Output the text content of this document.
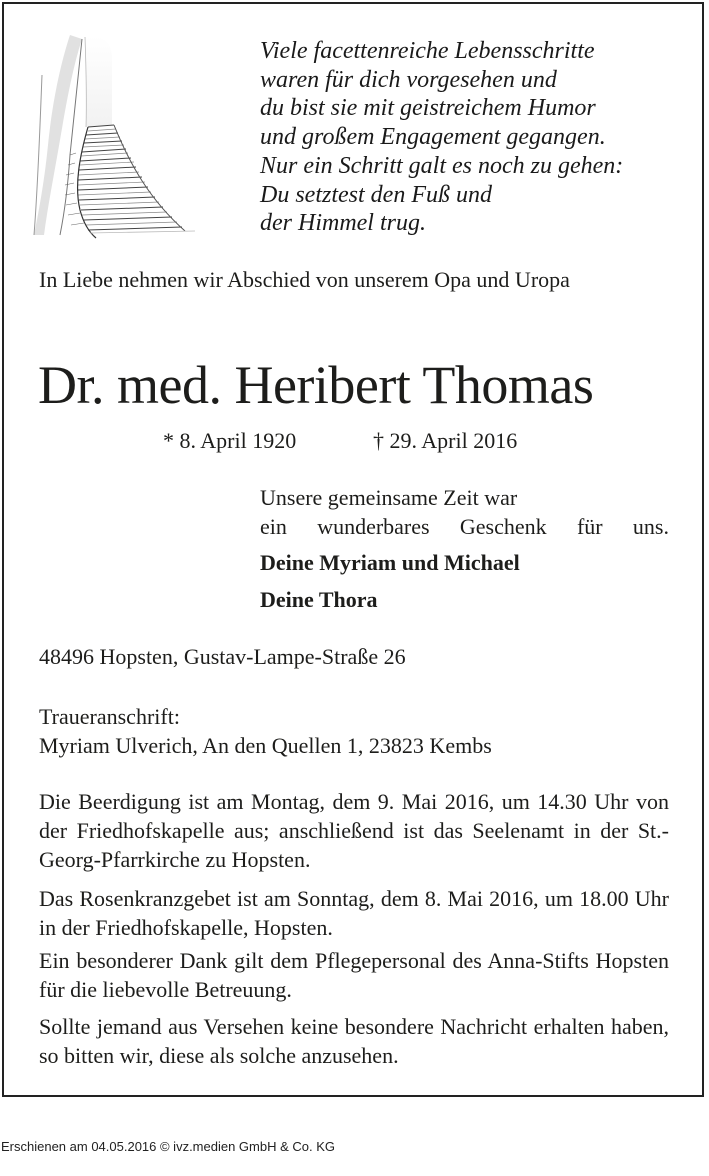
Viele facettenreiche Lebensschritte
waren für dich vorgesehen und
du bist sie mit geistreichem Humor
und großem Engagement gegangen.
Nur ein Schritt galt es noch zu gehen:
Du setztest den Fuß und
der Himmel trug.
In Liebe nehmen wir Abschied von unserem Opa und Uropa
Dr. med. Heribert Thomas
* 8. April 1920	† 29. April 2016
Unsere gemeinsame Zeit war
ein wunderbares Geschenk für uns.
Deine Myriam und Michael
Deine Thora
48496 Hopsten, Gustav-Lampe-Straße 26
Traueranschrift:
Myriam Ulverich, An den Quellen 1, 23823 Kembs
Die Beerdigung ist am Montag, dem 9. Mai 2016, um 14.30 Uhr von der Friedhofskapelle aus; anschließend ist das Seelenamt in der St.-Georg-Pfarrkirche zu Hopsten.
Das Rosenkranzgebet ist am Sonntag, dem 8. Mai 2016, um 18.00 Uhr in der Friedhofskapelle, Hopsten.
Ein besonderer Dank gilt dem Pflegepersonal des Anna-Stifts Hopsten für die liebevolle Betreuung.
Sollte jemand aus Versehen keine besondere Nachricht erhalten haben, so bitten wir, diese als solche anzusehen.
Erschienen am 04.05.2016 © ivz.medien GmbH & Co. KG
